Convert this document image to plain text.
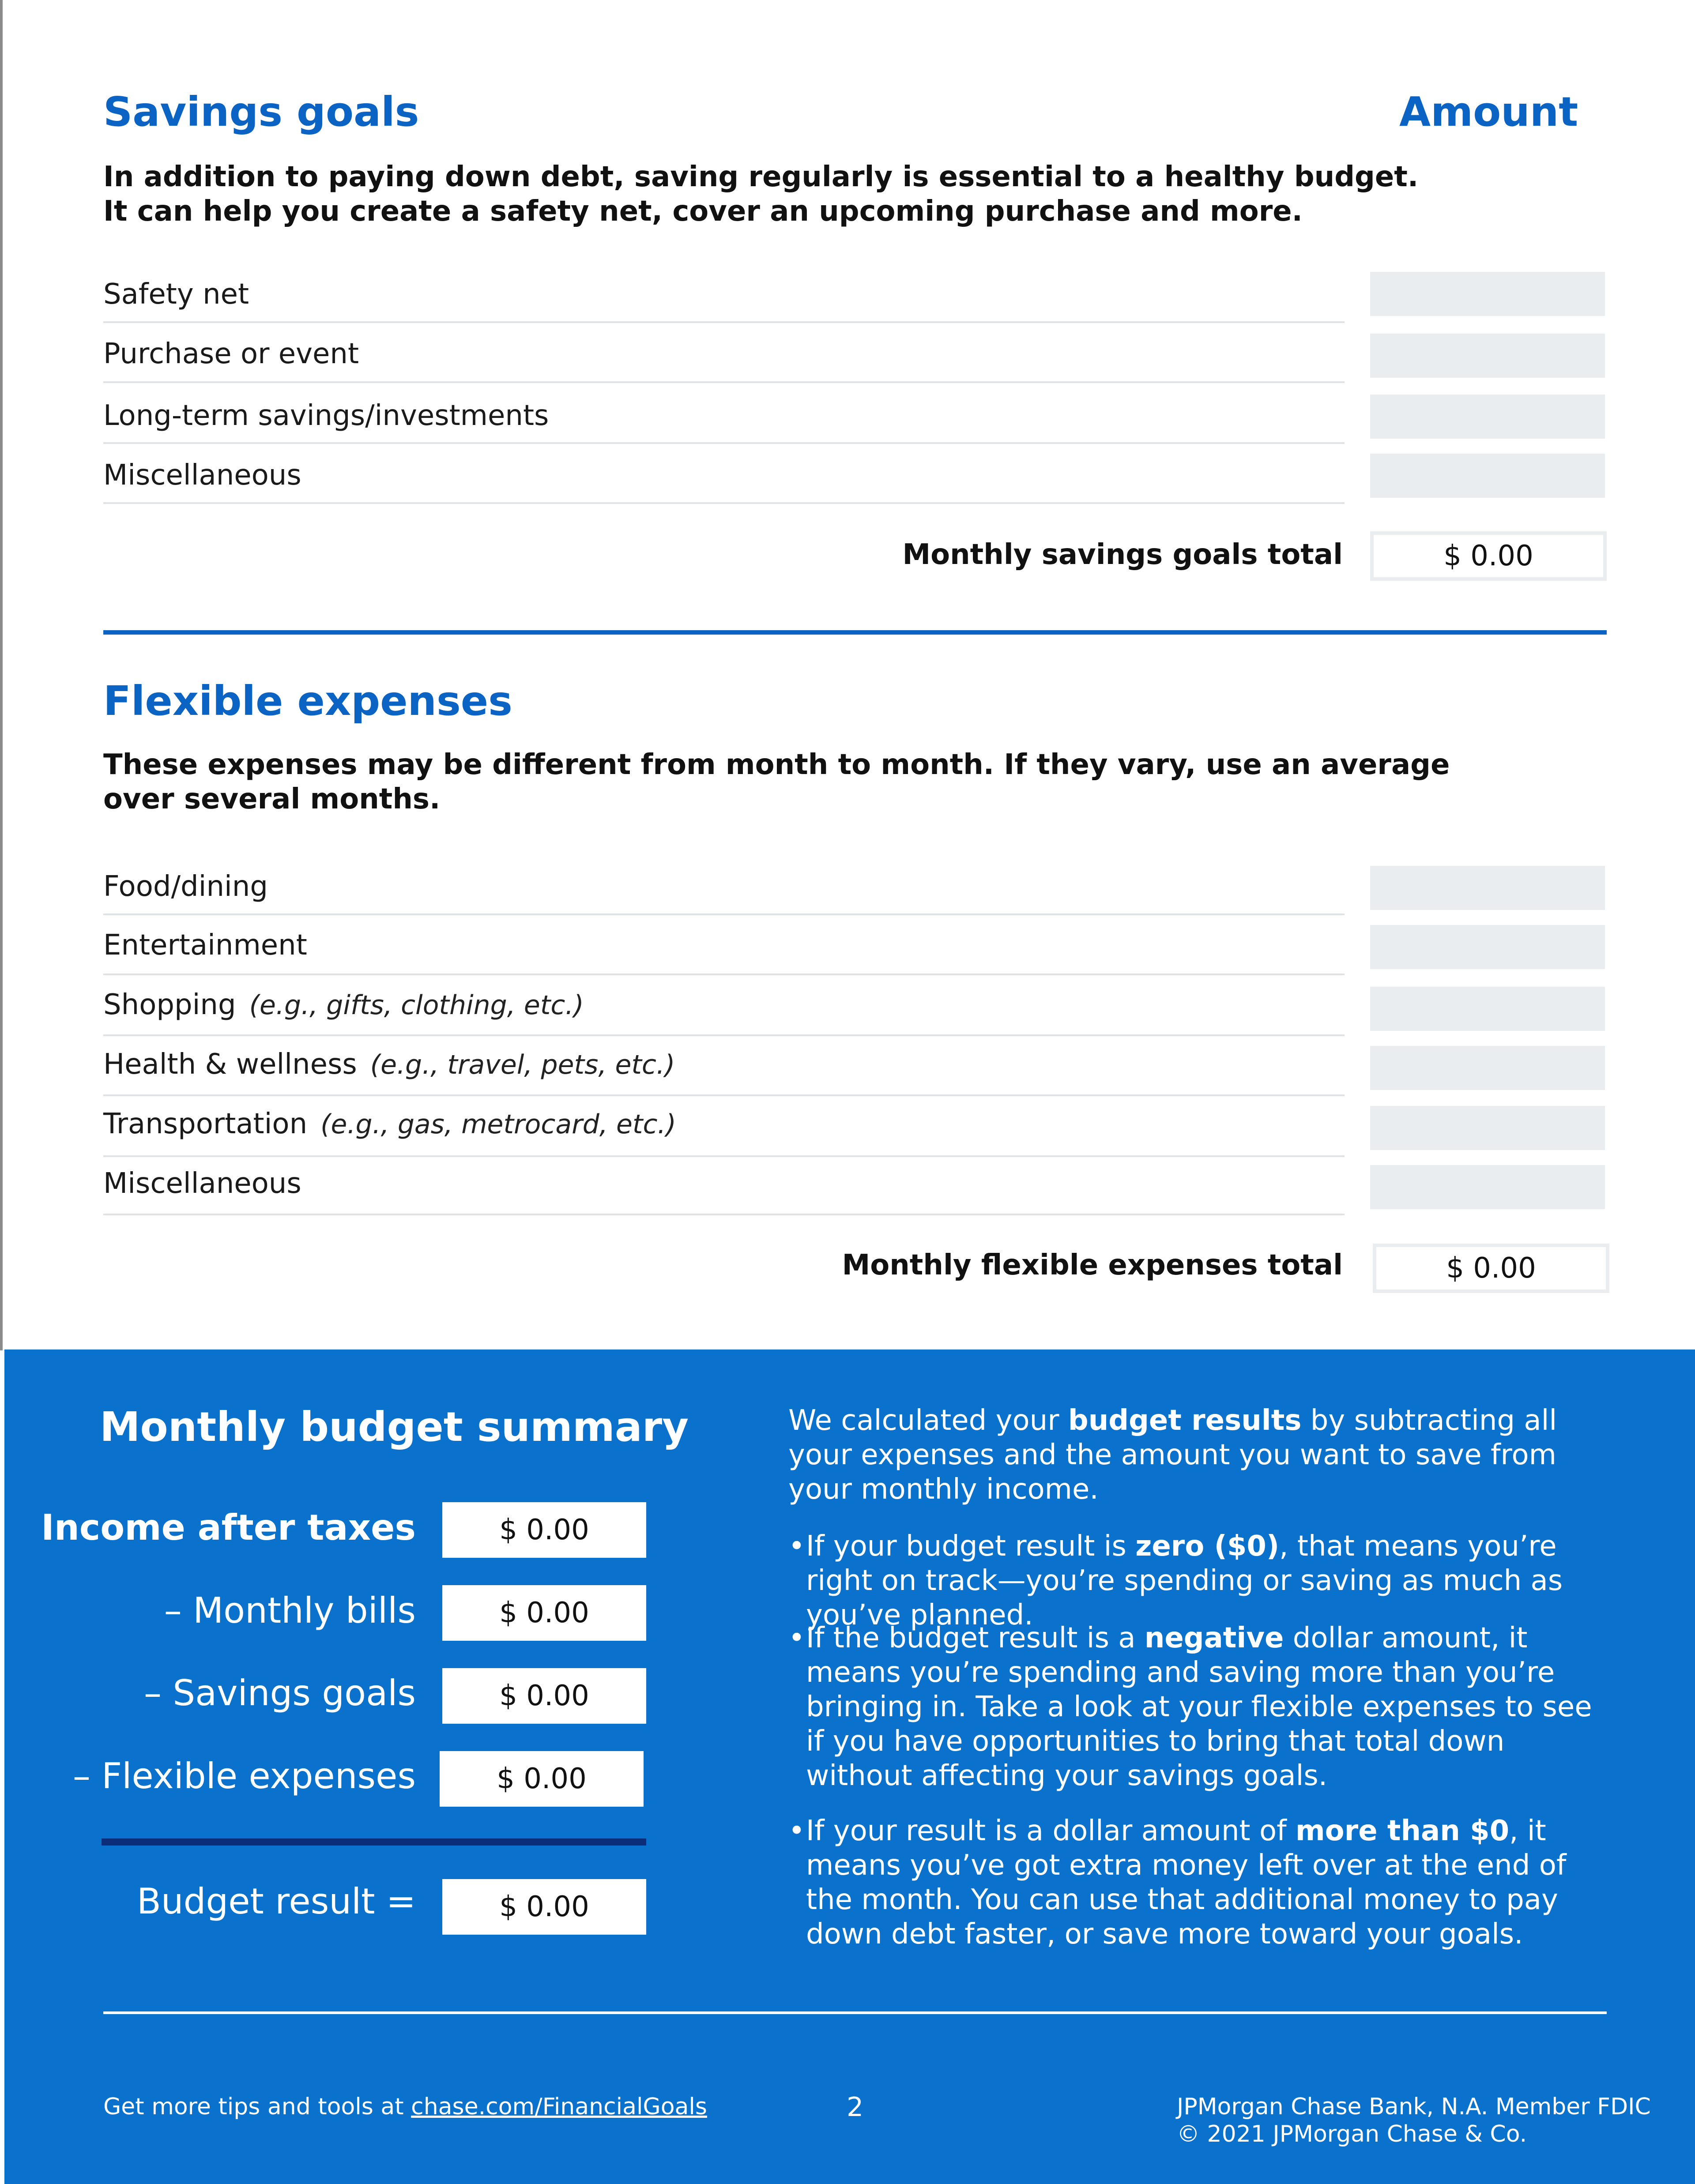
Savings goals	Amount
In addition to paying down debt, saving regularly is essential to a healthy budget.
It can help you create a safety net, cover an upcoming purchase and more.
Safety net
Purchase or event
Long-term savings/investments
Miscellaneous
Monthly savings goals total	$ 0.00
Flexible expenses
These expenses may be different from month to month. If they vary, use an average
over several months.
Food/dining
Entertainment
Shopping (e.g., gifts, clothing, etc.)
Health & wellness (e.g., travel, pets, etc.)
Transportation (e.g., gas, metrocard, etc.)
Miscellaneous
Monthly flexible expenses total	$ 0.00
Monthly budget summary
Income after taxes	$ 0.00
– Monthly bills	$ 0.00
– Savings goals	$ 0.00
– Flexible expenses	$ 0.00
Budget result =	$ 0.00
We calculated your budget results by subtracting all your expenses and the amount you want to save from your monthly income.
• If your budget result is zero ($0), that means you’re right on track—you’re spending or saving as much as you’ve planned.
• If the budget result is a negative dollar amount, it means you’re spending and saving more than you’re bringing in. Take a look at your flexible expenses to see if you have opportunities to bring that total down without affecting your savings goals.
• If your result is a dollar amount of more than $0, it means you’ve got extra money left over at the end of the month. You can use that additional money to pay down debt faster, or save more toward your goals.
Get more tips and tools at chase.com/FinancialGoals	2	JPMorgan Chase Bank, N.A. Member FDIC
© 2021 JPMorgan Chase & Co.
